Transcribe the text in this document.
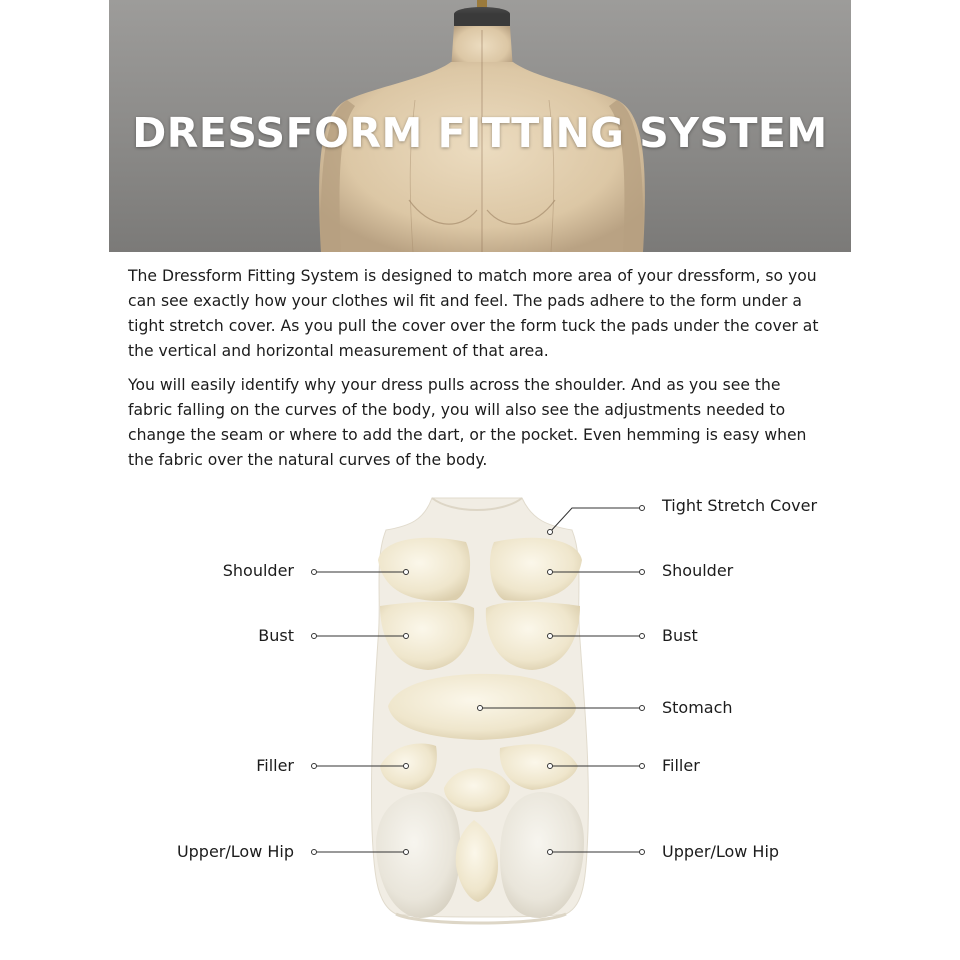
DRESSFORM FITTING SYSTEM
The Dressform Fitting System is designed to match more area of your dressform, so you
can see exactly how your clothes wil fit and feel. The pads adhere to the form under a
tight stretch cover. As you pull the cover over the form tuck the pads under the cover at
the vertical and horizontal measurement of that area.
You will easily identify why your dress pulls across the shoulder. And as you see the
fabric falling on the curves of the body, you will also see the adjustments needed to
change the seam or where to add the dart, or the pocket. Even hemming is easy when
the fabric over the natural curves of the body.
Tight Stretch Cover
Shoulder	Shoulder
Bust	Bust
Stomach
Filler	Filler
Upper/Low Hip	Upper/Low Hip
